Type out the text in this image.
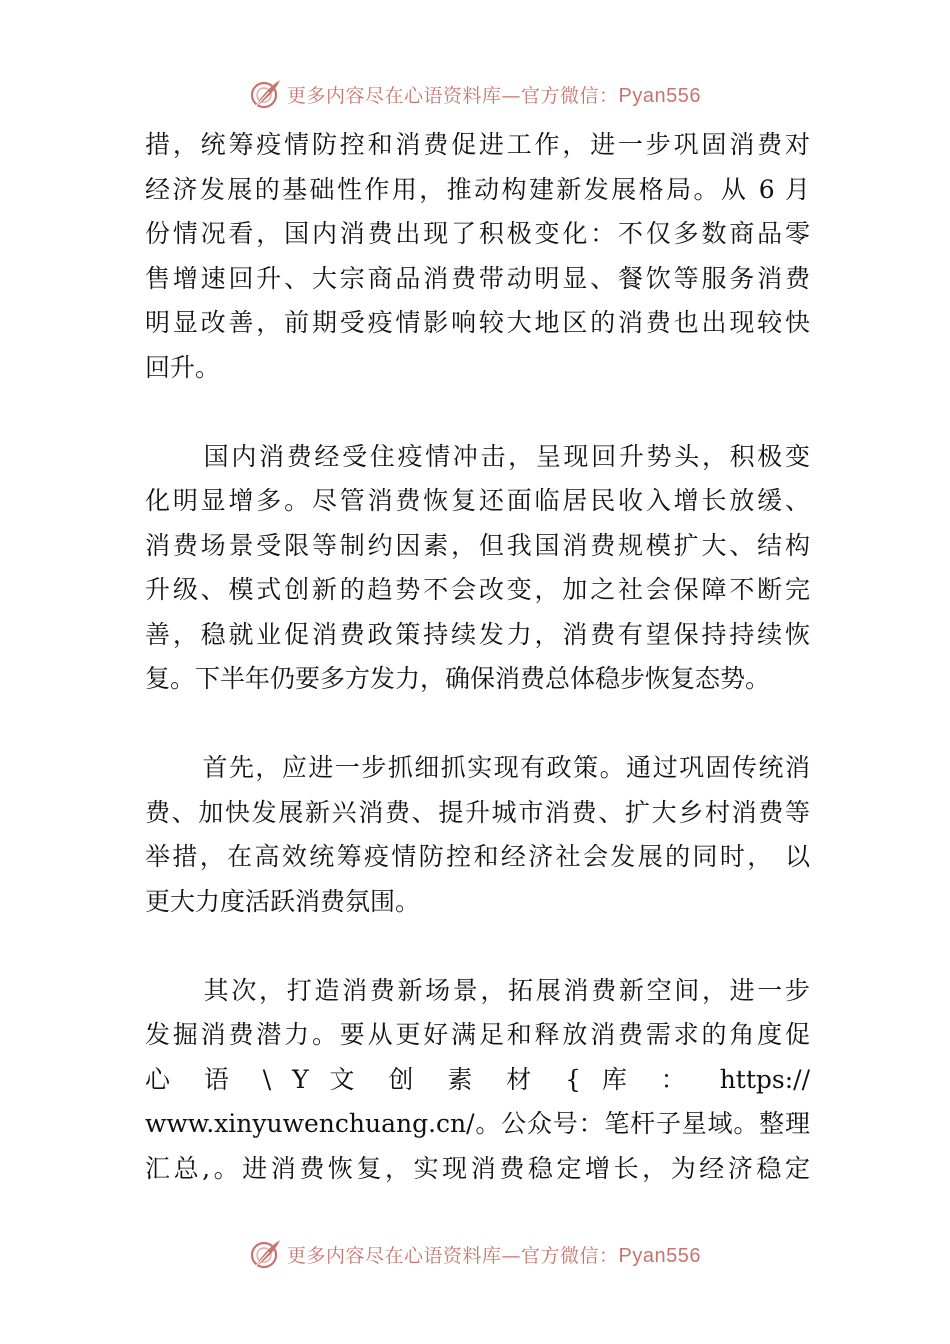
更多内容尽在心语资料库—官方微信：Pyan556
措，统筹疫情防控和消费促进工作，进一步巩固消费对
经济发展的基础性作用，推动构建新发展格局。从 6 月
份情况看，国内消费出现了积极变化：不仅多数商品零
售增速回升、大宗商品消费带动明显、餐饮等服务消费
明显改善，前期受疫情影响较大地区的消费也出现较快
回升。
国内消费经受住疫情冲击，呈现回升势头，积极变
化明显增多。尽管消费恢复还面临居民收入增长放缓、
消费场景受限等制约因素，但我国消费规模扩大、结构
升级、模式创新的趋势不会改变，加之社会保障不断完
善，稳就业促消费政策持续发力，消费有望保持持续恢
复。下半年仍要多方发力，确保消费总体稳步恢复态势。
首先，应进一步抓细抓实现有政策。通过巩固传统消
费、加快发展新兴消费、提升城市消费、扩大乡村消费等
举措，在高效统筹疫情防控和经济社会发展的同时， 以
更大力度活跃消费氛围。
其次，打造消费新场景，拓展消费新空间，进一步
发掘消费潜力。要从更好满足和释放消费需求的角度促
心 语 \ Y 文 创 素 材 { 库 ： https://
www.xinyuwenchuang.cn/。公众号：笔杆子星域。整理
汇总,。进消费恢复，实现消费稳定增长，为经济稳定
更多内容尽在心语资料库—官方微信：Pyan556
